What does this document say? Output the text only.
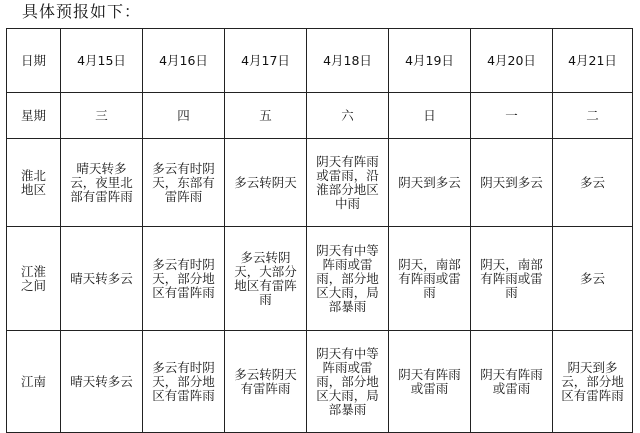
具体预报如下：
日期	4月15日	4月16日	4月17日	4月18日	4月19日	4月20日	4月21日
星期	三	四	五	六	日	一	二

淮北
地区	晴天转多云，夜里北部有雷阵雨	多云有时阴天，东部有雷阵雨	多云转阴天	阴天有阵雨或雷雨，沿淮部分地区中雨	阴天到多云	阴天到多云	多云

江淮
之间	晴天转多云	多云有时阴天，部分地区有雷阵雨	多云转阴天，大部分地区有雷阵雨	阴天有中等阵雨或雷雨，部分地区大雨，局部暴雨	阴天，南部有阵雨或雷雨	阴天，南部有阵雨或雷雨	多云

江南	晴天转多云	多云有时阴天，部分地区有雷阵雨	多云转阴天有雷阵雨	阴天有中等阵雨或雷雨，部分地区大雨，局部暴雨	阴天有阵雨或雷雨	阴天有阵雨或雷雨	阴天到多云，部分地区有雷阵雨
